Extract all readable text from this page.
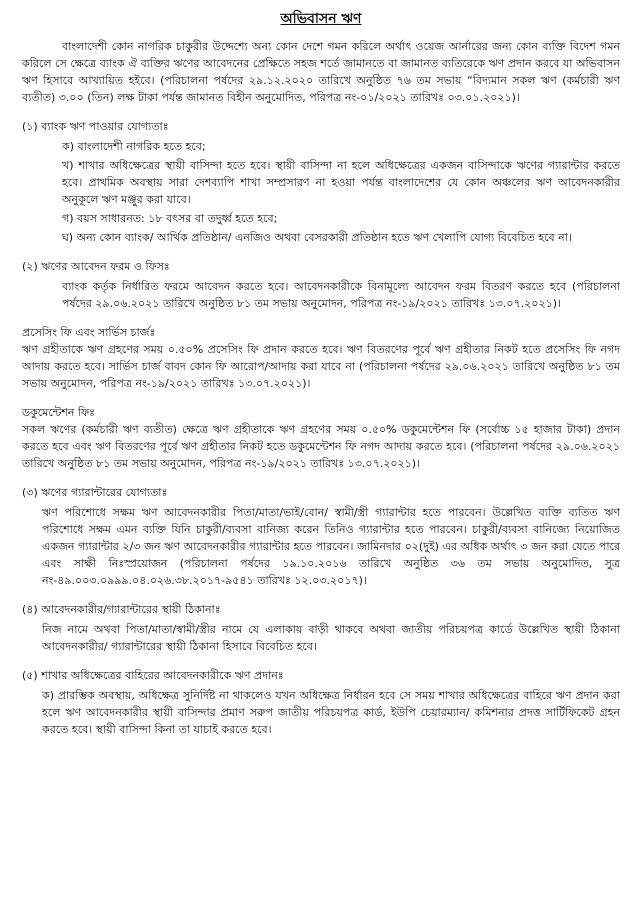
অভিবাসন ঋণ

বাংলাদেশী কোন নাগরিক চাকুরীর উদ্দেশ্যে অন্য কোন দেশে গমন করিলে অর্থাৎ ওয়েজ আর্নারের জন্য কোন ব্যক্তি বিদেশ গমন করিলে সে ক্ষেত্রে ব্যাংক ঐ ব্যক্তির ঋণের আবেদনের প্রেক্ষিতে সহজ শর্তে জামানতে বা জামানত ব্যতিরেকে ঋণ প্রদান করবে যা অভিবাসন ঋণ হিসাবে আখ্যায়িত হইবে। (পরিচালনা পর্ষদের ২৯.১২.২০২০ তারিখে অনুষ্ঠিত ৭৬ তম সভায় “বিদ্যমান সকল ঋণ (কর্মচারী ঋণ ব্যতীত) ৩.০০ (তিন) লক্ষ টাকা পর্যন্ত জামানত বিহীন অনুমোদিত, পরিপত্র নং-০১/২০২১ তারিখঃ ০৩.০১.২০২১)।

(১) ব্যাংক ঋণ পাওয়ার যোগ্যতাঃ

ক) বাংলাদেশী নাগরিক হতে হবে;

খ) শাখার অধিক্ষেত্রের স্থায়ী বাসিন্দা হতে হবে। স্থায়ী বাসিন্দা না হলে অধিক্ষেত্রের একজন বাসিন্দাকে ঋণের গ্যারান্টার করতে হবে। প্রাথমিক অবস্থায় সারা দেশব্যাপি শাখা সম্প্রসারণ না হওয়া পর্যন্ত বাংলাদেশের যে কোন অঞ্চলের ঋণ আবেদনকারীর অনুকূলে ঋণ মঞ্জুর করা যাবে।

গ) বয়স সাধারনত: ১৮ বৎসর বা তদুর্ধ্ব হতে হবে;

ঘ) অন্য কোন ব্যাংক/ আর্থিক প্রতিষ্ঠান/ এনজিও অথবা বেসরকারী প্রতিষ্ঠান হতে ঋণ খেলাপি যোগ্য বিবেচিত হবে না।

(২) ঋণের আবেদন ফরম ও ফিসঃ

ব্যাংক কর্তৃক নির্ধারিত ফরমে আবেদন করতে হবে। আবেদনকারীকে বিনামূল্যে আবেদন ফরম বিতরণ করতে হবে (পরিচালনা পর্ষদের ২৯.০৬.২০২১ তারিখে অনুষ্ঠিত ৮১ তম সভায় অনুমোদন, পরিপত্র নং-১৯/২০২১ তারিখঃ ১৩.০৭.২০২১)।

প্রসেসিং ফি এবং সার্ভিস চার্জঃ

ঋণ গ্রহীতাকে ঋণ গ্রহণের সময় ০.৫০% প্রসেসিং ফি প্রদান করতে হবে। ঋণ বিতরণের পূর্বে ঋণ গ্রহীতার নিকট হতে প্রসেসিং ফি নগদ আদায় করতে হবে। সার্ভিস চার্জ বাবদ কোন ফি আরোপ/আদায় করা যাবে না (পরিচালনা পর্ষদের ২৯.০৬.২০২১ তারিখে অনুষ্ঠিত ৮১ তম সভায় অনুমোদন, পরিপত্র নং-১৯/২০২১ তারিখঃ ১৩.০৭.২০২১)।

ডকুমেন্টেশন ফিঃ

সকল ঋণের (কর্মচারী ঋণ ব্যতীত) ক্ষেত্রে ঋণ গ্রহীতাকে ঋণ গ্রহণের সময় ০.৫০% ডকুমেন্টেশন ফি (সর্বোচ্চ ১৫ হাজার টাকা) প্রদান করতে হবে এবং ঋণ বিতরণের পূর্বে ঋণ গ্রহীতার নিকট হতে ডকুমেন্টেশন ফি নগদ আদায় করতে হবে। (পরিচালনা পর্ষদের ২৯.০৬.২০২১ তারিখে অনুষ্ঠিত ৮১ তম সভায় অনুমোদন, পরিপত্র নং-১৯/২০২১ তারিখঃ ১৩.০৭.২০২১)।

(৩) ঋণের গ্যারান্টারের যোগ্যতাঃ

ঋণ পরিশোধে সক্ষম ঋণ আবেদনকারীর পিতা/মাতা/ভাই/বোন/ স্বামী/স্ত্রী গ্যারান্টার হতে পারবেন। উল্লেখিত ব্যক্তি ব্যতিত ঋণ পরিশোধে সক্ষম এমন ব্যক্তি যিনি চাকুরী/ব্যবসা বানিজ্য করেন তিনিও গ্যারান্টার হতে পারবেন। চাকুরী/ব্যবসা বানিজ্যে নিয়োজিত একজন গ্যারান্টার ২/৩ জন ঋণ আবেদনকারীর গ্যারান্টার হতে পারবেন। জামিনদার ০২(দুই) এর অধিক অর্থাৎ ৩ জন করা যেতে পারে এবং সাক্ষী নিঃস্প্রয়োজন (পরিচালনা পর্ষদের ১৯.১০.২০১৬ তারিখে অনুষ্ঠিত ৩৬ তম সভায় অনুমোদিত, সুত্র নং-৪৯.০০৩.০৯৯৯.০৪.০২৬.৩৮.২০১৭-৯৫৪১ তারিখঃ ১২.০৩.২০১৭)।

(৪) আবেদনকারীর/গ্যারান্টারের স্থায়ী ঠিকানাঃ

নিজ নামে অথবা পিতা/মাতা/স্বামী/স্ত্রীর নামে যে এলাকায় বাড়ী থাকবে অথবা জাতীয় পরিচয়পত্র কার্ডে উল্লেখিত স্থায়ী ঠিকানা আবেদনকারীর/ গ্যারান্টারের স্থায়ী ঠিকানা হিসাবে বিবেচিত হবে।

(৫) শাখার অধিক্ষেত্রের বাহিরের আবেদনকারীকে ঋণ প্রদানঃ

ক) প্রারম্ভিক অবস্থায়, অধিক্ষেত্র সুনির্দিষ্ট না থাকলেও যখন অধিক্ষেত্র নির্ধারন হবে সে সময় শাখার অধিক্ষেত্রের বাহিরে ঋণ প্রদান করা হলে ঋণ আবেদনকারীর স্থায়ী বাসিন্দার প্রমাণ সরুপ জাতীয় পরিচয়পত্র কার্ড, ইউপি চেয়ারম্যান/ কমিশনার প্রদত্ত সার্টিফিকেট গ্রহন করতে হবে। স্থায়ী বাসিন্দা কিনা তা যাচাই করতে হবে।
